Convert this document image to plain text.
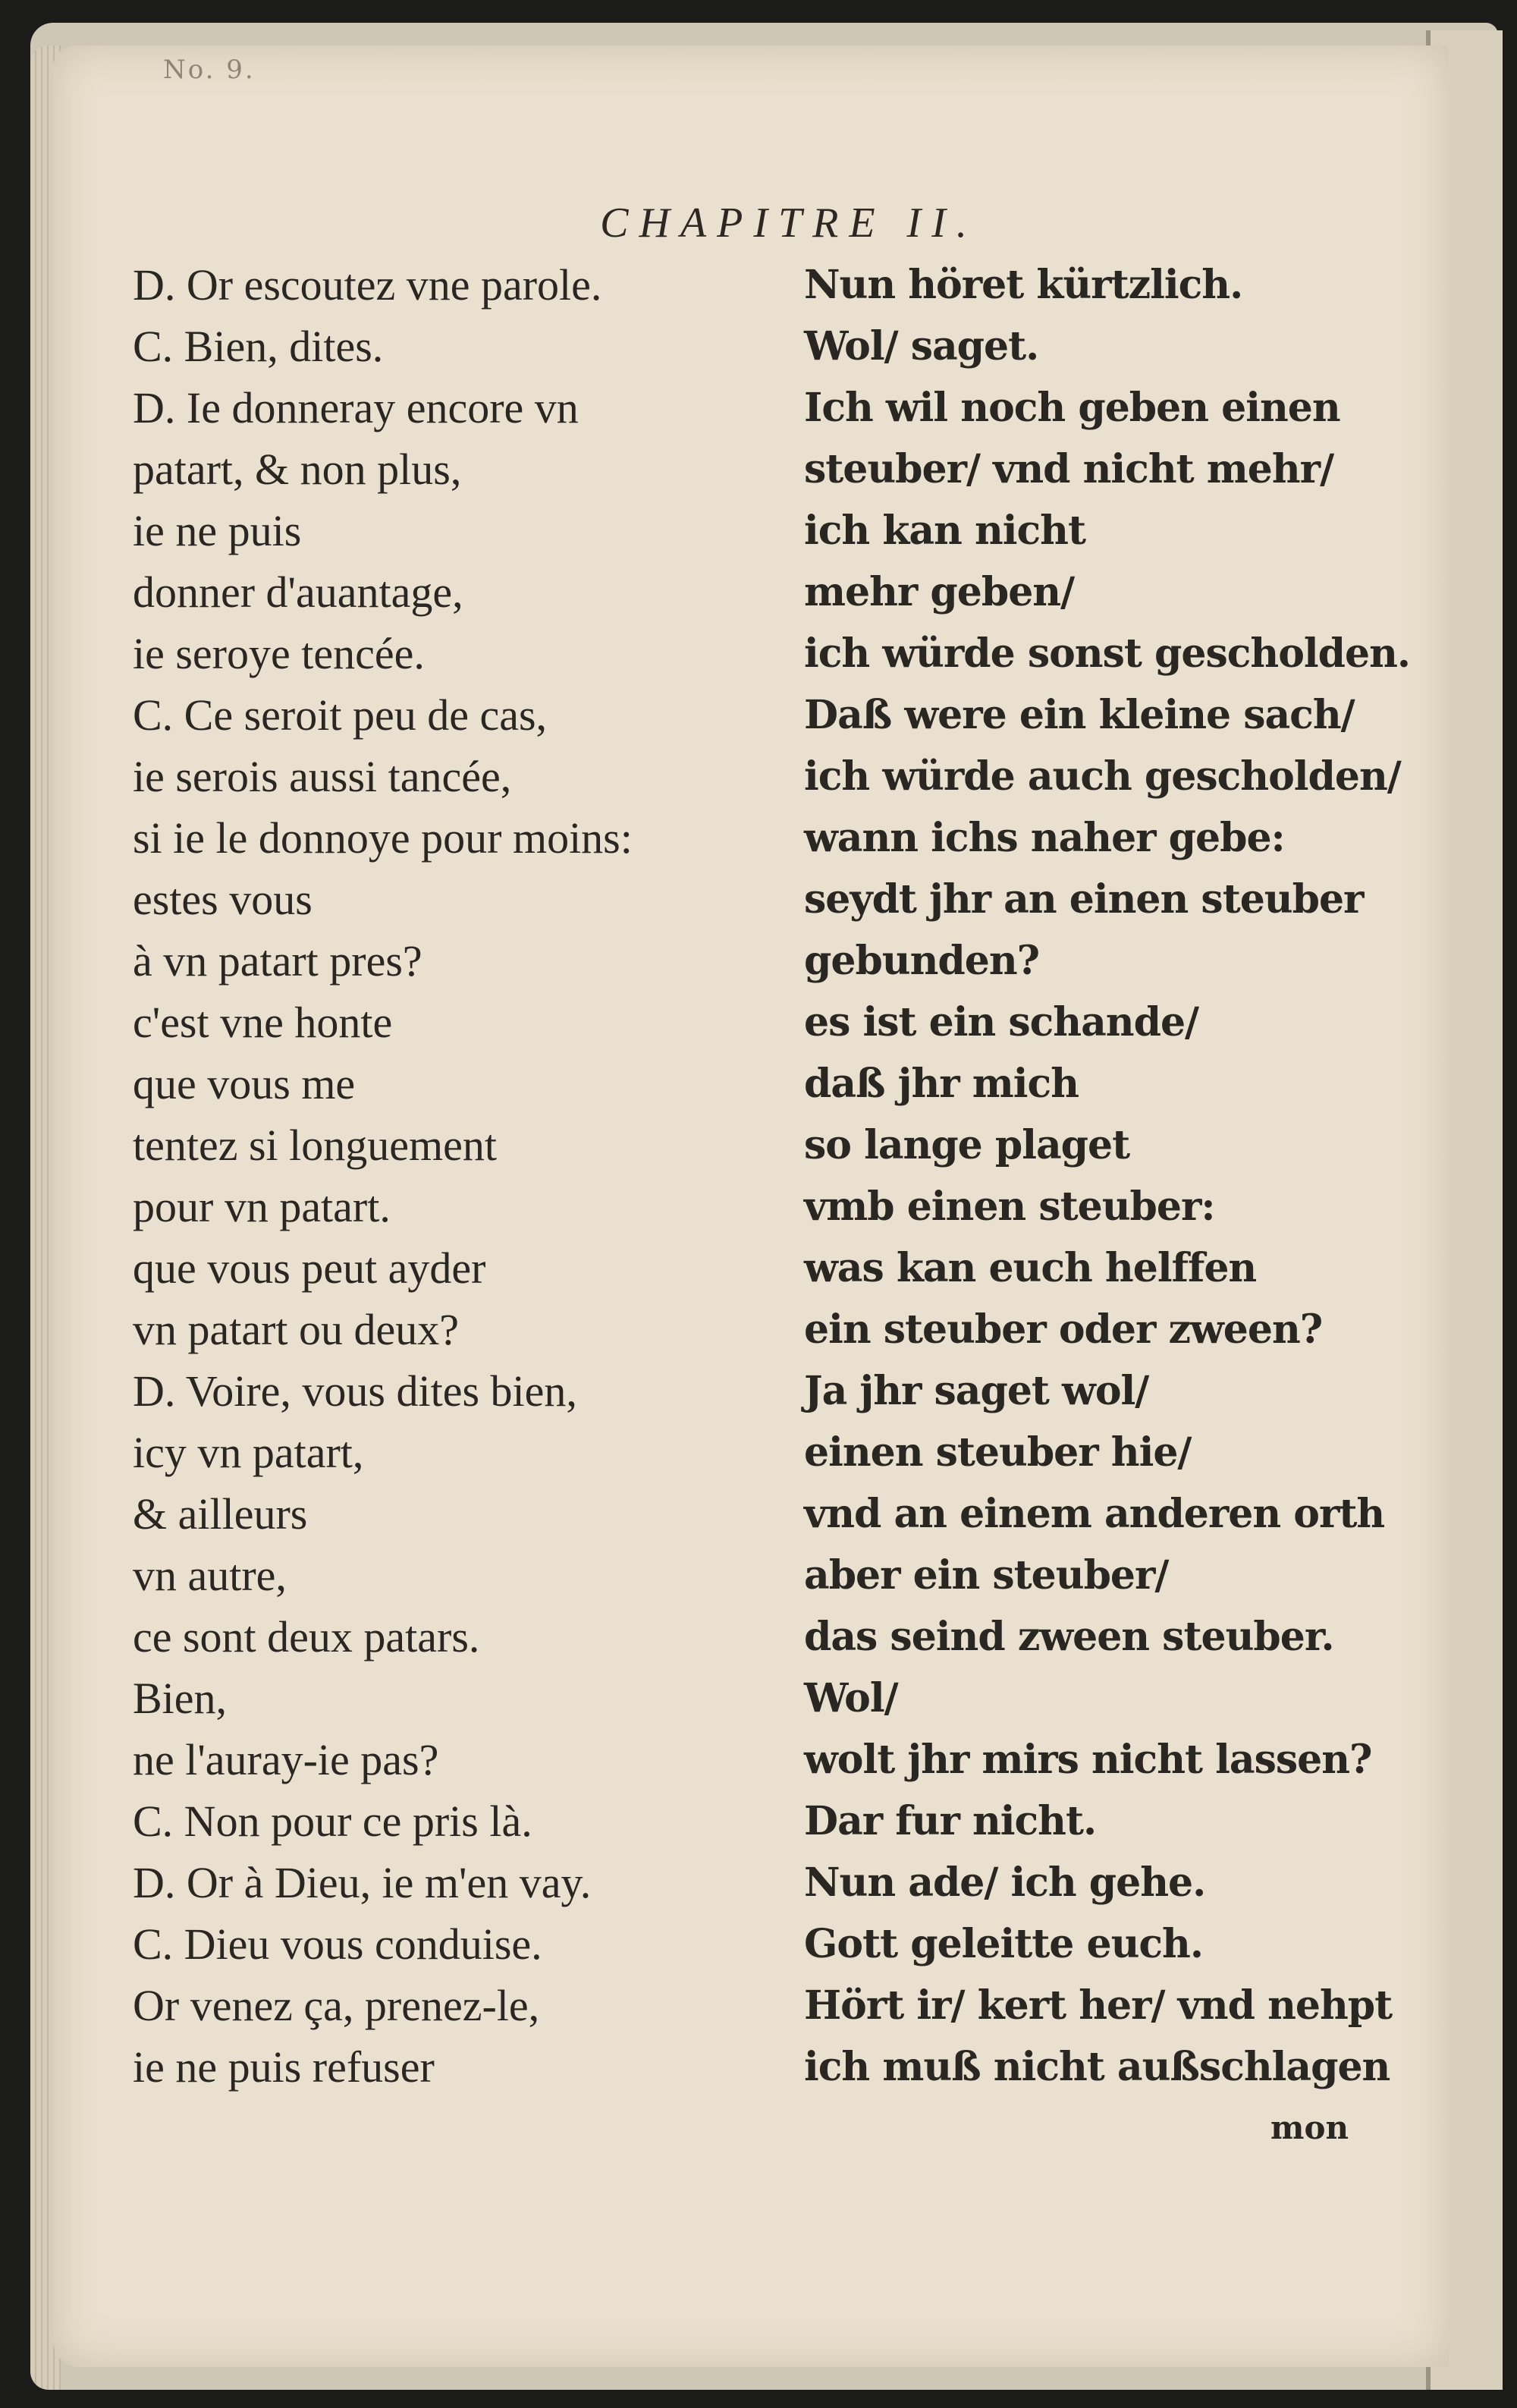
No. 9.
CHAPITRE II.
D. Or escoutez vne parole.
C. Bien, dites.
D. Ie donneray encore vn
patart, & non plus,
ie ne puis
donner d'auantage,
ie seroye tencée.
C. Ce seroit peu de cas,
ie serois aussi tancée,
si ie le donnoye pour moins:
estes vous
à vn patart pres?
c'est vne honte
que vous me
tentez si longuement
pour vn patart.
que vous peut ayder
vn patart ou deux?
D. Voire, vous dites bien,
icy vn patart,
& ailleurs
vn autre,
ce sont deux patars.
Bien,
ne l'auray-ie pas?
C. Non pour ce pris là.
D. Or à Dieu, ie m'en vay.
C. Dieu vous conduise.
Or venez ça, prenez-le,
ie ne puis refuser
Nun höret kürtzlich.
Wol/ saget.
Ich wil noch geben einen
steuber/ vnd nicht mehr/
ich kan nicht
mehr geben/
ich würde sonst gescholden.
Daß were ein kleine sach/
ich würde auch gescholden/
wann ichs naher gebe:
seydt jhr an einen steuber
gebunden?
es ist ein schande/
daß jhr mich
so lange plaget
vmb einen steuber:
was kan euch helffen
ein steuber oder zween?
Ja jhr saget wol/
einen steuber hie/
vnd an einem anderen orth
aber ein steuber/
das seind zween steuber.
Wol/
wolt jhr mirs nicht lassen?
Dar fur nicht.
Nun ade/ ich gehe.
Gott geleitte euch.
Hört ir/ kert her/ vnd nehpt
ich muß nicht außschlagen
mon
